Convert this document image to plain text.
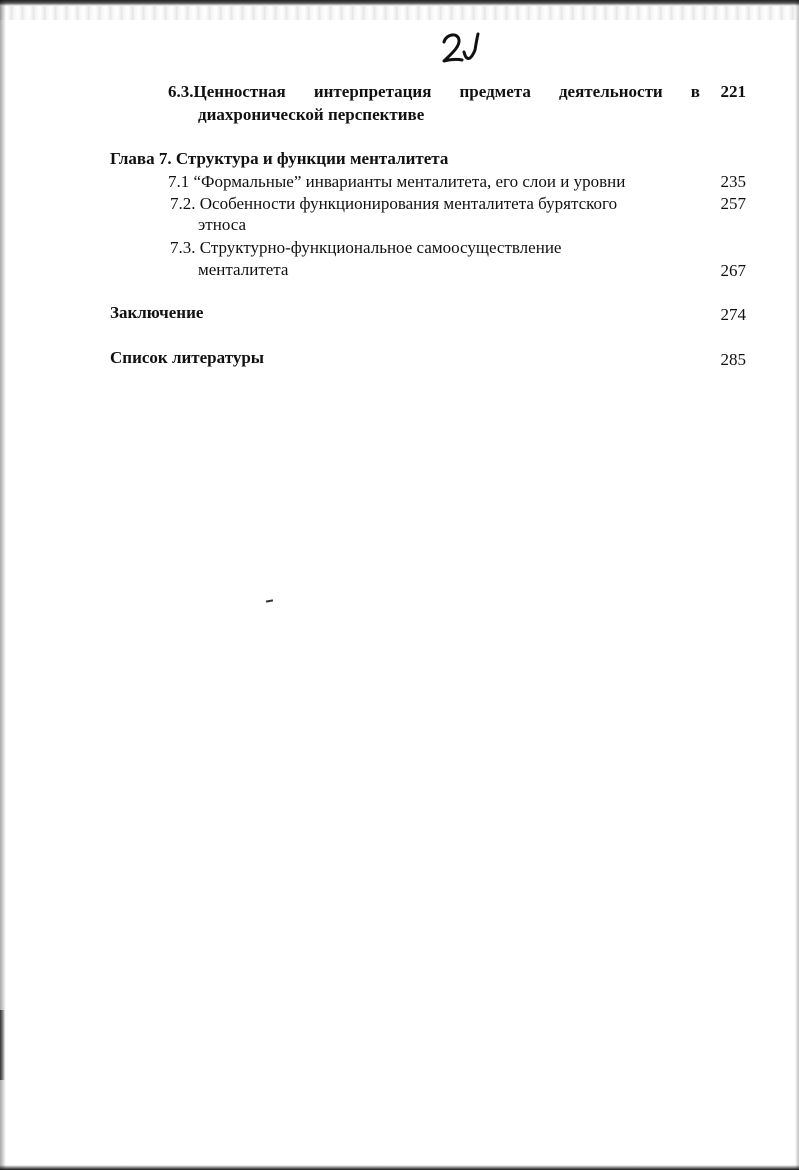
6.3.Ценностная интерпретация предмета деятельности в	221
диахронической перспективе
Глава 7. Структура и функции менталитета
7.1 “Формальные” инварианты менталитета, его слои и уровни	235
7.2. Особенности функционирования менталитета бурятского	257
этноса
7.3. Структурно-функциональное самоосуществление
менталитета	267
Заключение	274
Список литературы	285
